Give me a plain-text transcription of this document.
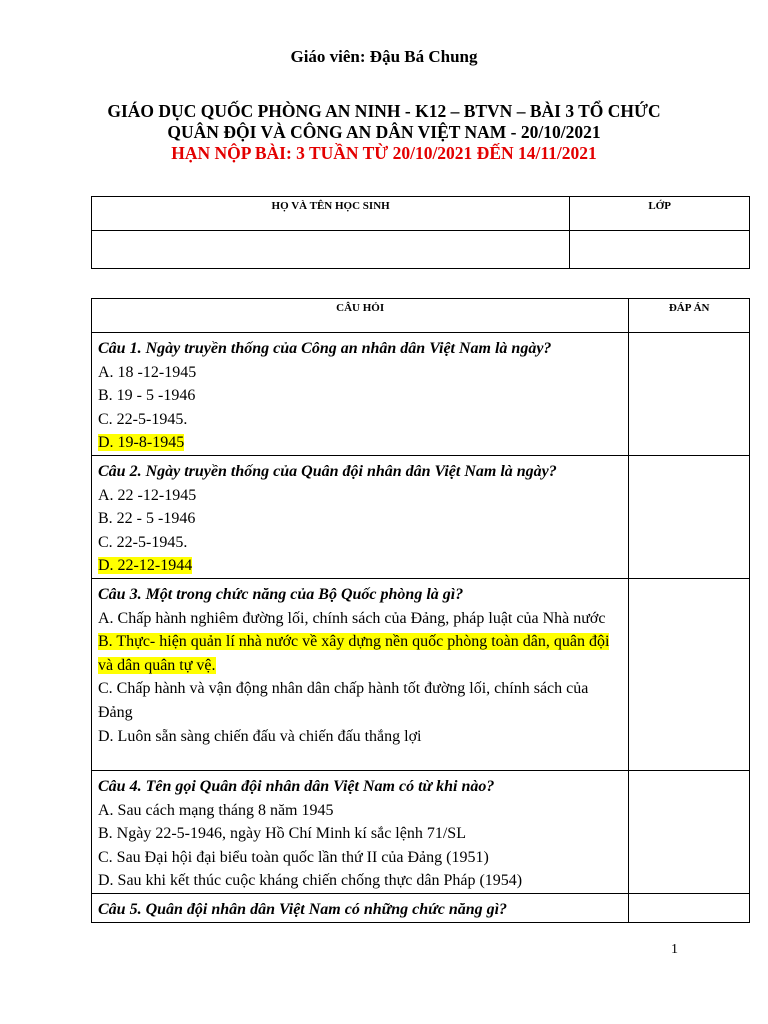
Giáo viên: Đậu Bá Chung
GIÁO DỤC QUỐC PHÒNG AN NINH - K12 – BTVN – BÀI 3 TỔ CHỨC
QUÂN ĐỘI VÀ CÔNG AN DÂN VIỆT NAM - 20/10/2021
HẠN NỘP BÀI: 3 TUẦN TỪ 20/10/2021 ĐẾN 14/11/2021
HỌ VÀ TÊN HỌC SINH	LỚP

CÂU HỎI	ĐÁP ÁN

Câu 1. Ngày truyền thống của Công an nhân dân Việt Nam là ngày?
A. 18 -12-1945
B. 19 - 5 -1946
C. 22-5-1945.
D. 19-8-1945	

Câu 2. Ngày truyền thống của Quân đội nhân dân Việt Nam là ngày?
A. 22 -12-1945
B. 22 - 5 -1946
C. 22-5-1945.
D. 22-12-1944	

Câu 3. Một trong chức năng của Bộ Quốc phòng là gì?
A. Chấp hành nghiêm đường lối, chính sách của Đảng, pháp luật của Nhà nước
B. Thực- hiện quản lí nhà nước về xây dựng nền quốc phòng toàn dân, quân đội và dân quân tự vệ.
C. Chấp hành và vận động nhân dân chấp hành tốt đường lối, chính sách của Đảng
D. Luôn sẵn sàng chiến đấu và chiến đấu thắng lợi	

Câu 4. Tên gọi Quân đội nhân dân Việt Nam có từ khi nào?
A. Sau cách mạng tháng 8 năm 1945
B. Ngày 22-5-1946, ngày Hồ Chí Minh kí sắc lệnh 71/SL
C. Sau Đại hội đại biểu toàn quốc lần thứ II của Đảng (1951)
D. Sau khi kết thúc cuộc kháng chiến chống thực dân Pháp (1954)	

Câu 5. Quân đội nhân dân Việt Nam có những chức năng gì?	

1
